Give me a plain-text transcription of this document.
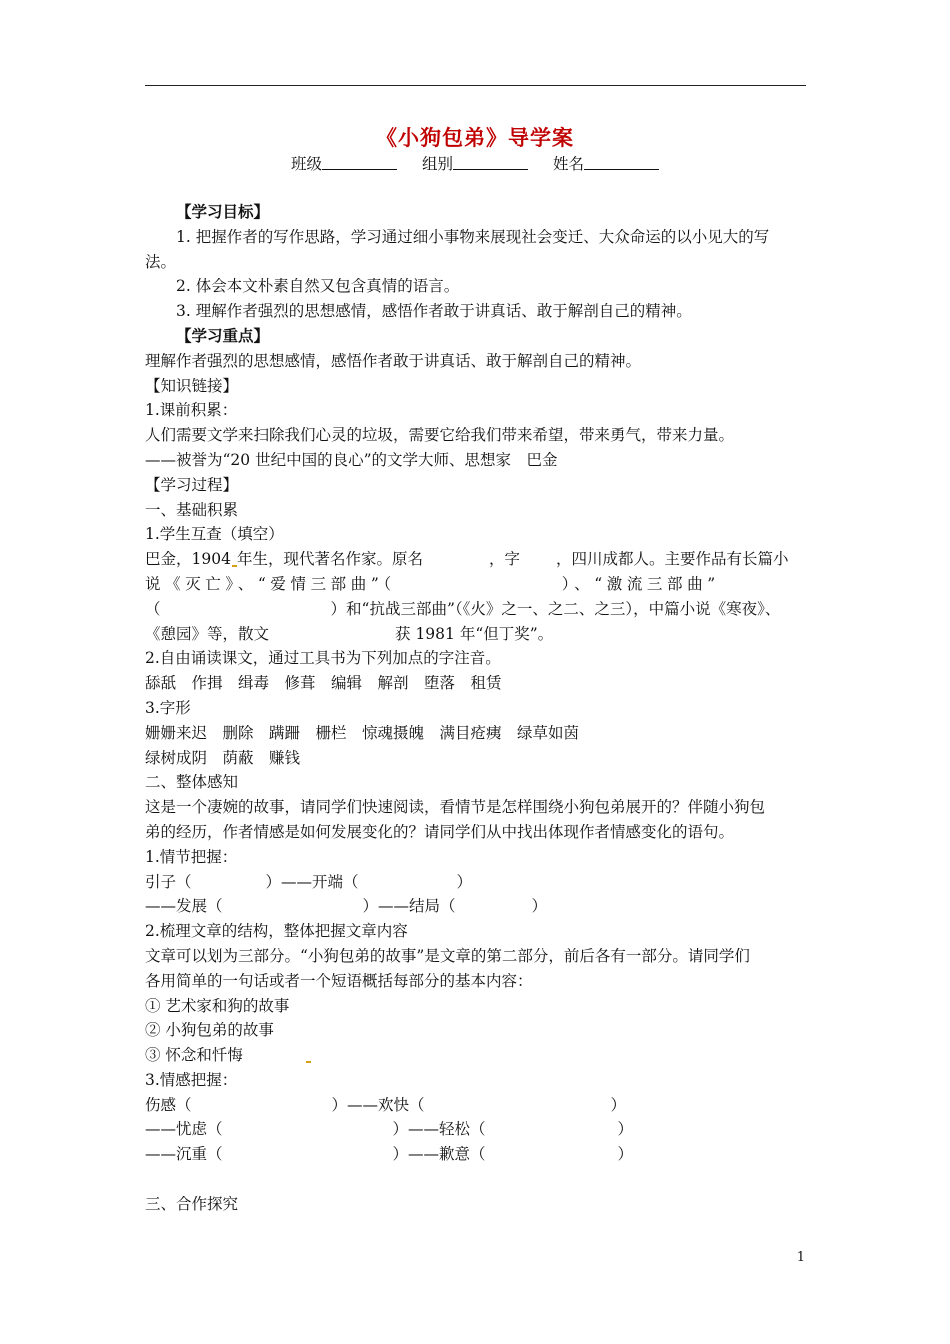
《小狗包弟》导学案
班级	组别	姓名
【学习目标】
1. 把握作者的写作思路，学习通过细小事物来展现社会变迁、大众命运的以小见大的写
法。
2. 体会本文朴素自然又包含真情的语言。
3. 理解作者强烈的思想感情，感悟作者敢于讲真话、敢于解剖自己的精神。
【学习重点】
理解作者强烈的思想感情，感悟作者敢于讲真话、敢于解剖自己的精神。
【知识链接】
1.课前积累：
人们需要文学来扫除我们心灵的垃圾，需要它给我们带来希望，带来勇气，带来力量。
——被誉为“20 世纪中国的良心”的文学大师、思想家　巴金
【学习过程】
一、基础积累
1.学生互查（填空）
巴金，1904 年生，现代著名作家。原名	，字 ，四川成都人。主要作品有长篇小
说《灭亡》、“爱情三部曲”（	）、“激流三部曲”
（	）和“抗战三部曲”（《火》之一、之二、之三），中篇小说《寒夜》、
《憩园》等，散文	获 1981 年“但丁奖”。
2.自由诵读课文，通过工具书为下列加点的字注音。
舔舐　作揖　缉毒　修葺　编辑　解剖　堕落　租赁
3.字形
姗姗来迟　删除　蹒跚　栅栏　惊魂摄魄　满目疮痍　绿草如茵
绿树成阴　荫蔽　赚钱
二、整体感知
这是一个凄婉的故事，请同学们快速阅读，看情节是怎样围绕小狗包弟展开的？伴随小狗包
弟的经历，作者情感是如何发展变化的？请同学们从中找出体现作者情感变化的语句。
1.情节把握：
引子（	）——开端（	）
——发展（	）——结局（	）
2.梳理文章的结构，整体把握文章内容
文章可以划为三部分。“小狗包弟的故事”是文章的第二部分，前后各有一部分。请同学们
各用简单的一句话或者一个短语概括每部分的基本内容：
① 艺术家和狗的故事
② 小狗包弟的故事
③ 怀念和忏悔
3.情感把握：
伤感（	）——欢快（	）
——忧虑（	）——轻松（	）
——沉重（	）——歉意（	）
三、合作探究
1
